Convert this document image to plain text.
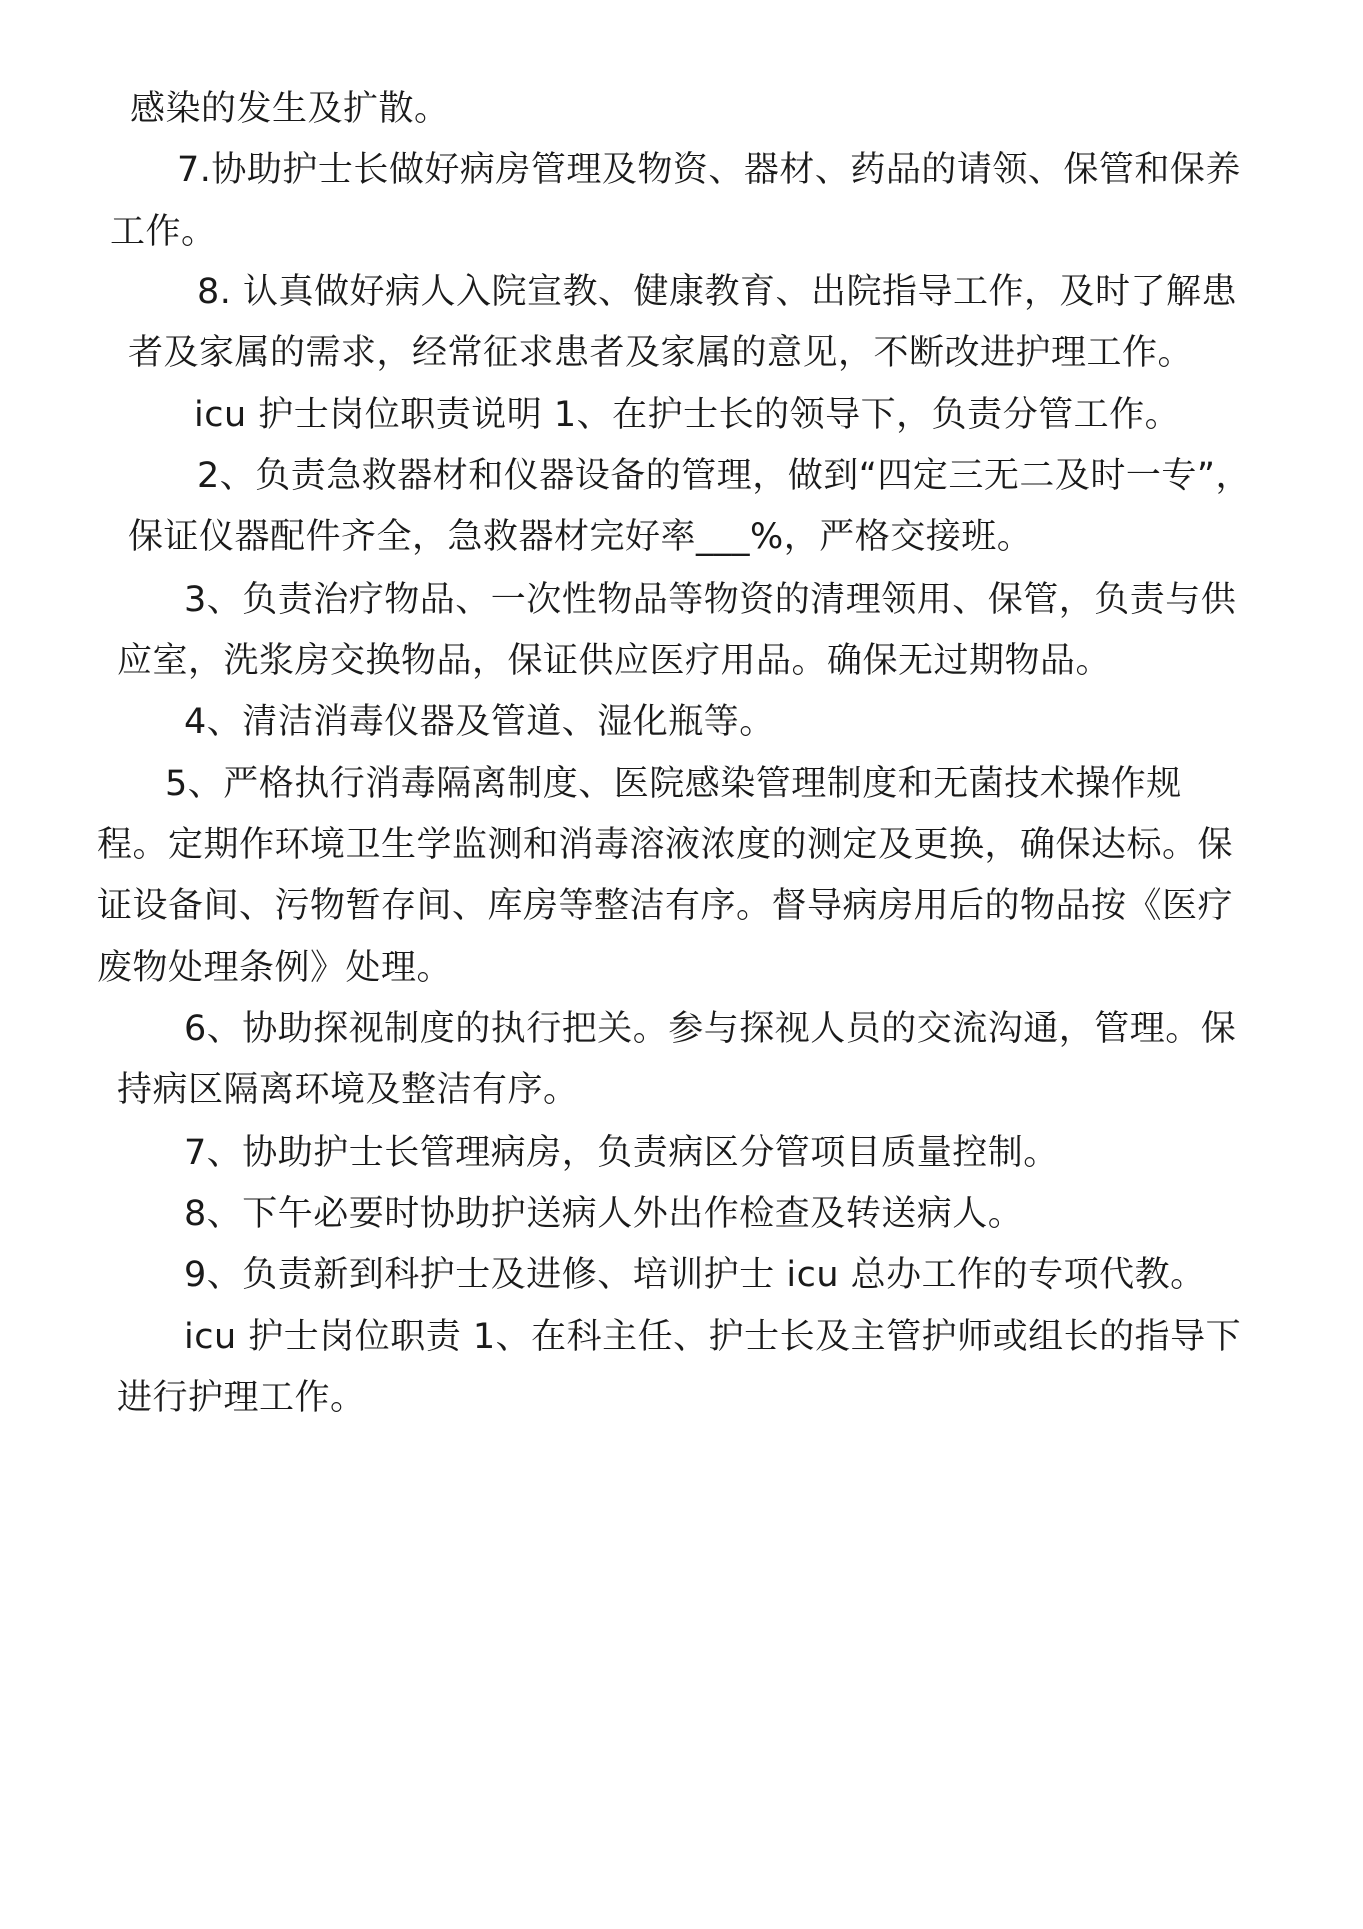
感染的发生及扩散。
7.协助护士长做好病房管理及物资、器材、药品的请领、保管和保养
工作。
8. 认真做好病人入院宣教、健康教育、出院指导工作，及时了解患
者及家属的需求，经常征求患者及家属的意见，不断改进护理工作。
icu 护士岗位职责说明 1、在护士长的领导下，负责分管工作。
2、负责急救器材和仪器设备的管理，做到“四定三无二及时一专”，
保证仪器配件齐全，急救器材完好率___%，严格交接班。
3、负责治疗物品、一次性物品等物资的清理领用、保管，负责与供
应室，洗浆房交换物品，保证供应医疗用品。确保无过期物品。
4、清洁消毒仪器及管道、湿化瓶等。
5、严格执行消毒隔离制度、医院感染管理制度和无菌技术操作规
程。定期作环境卫生学监测和消毒溶液浓度的测定及更换，确保达标。保
证设备间、污物暂存间、库房等整洁有序。督导病房用后的物品按《医疗
废物处理条例》处理。
6、协助探视制度的执行把关。参与探视人员的交流沟通，管理。保
持病区隔离环境及整洁有序。
7、协助护士长管理病房，负责病区分管项目质量控制。
8、下午必要时协助护送病人外出作检查及转送病人。
9、负责新到科护士及进修、培训护士 icu 总办工作的专项代教。
icu 护士岗位职责 1、在科主任、护士长及主管护师或组长的指导下
进行护理工作。
